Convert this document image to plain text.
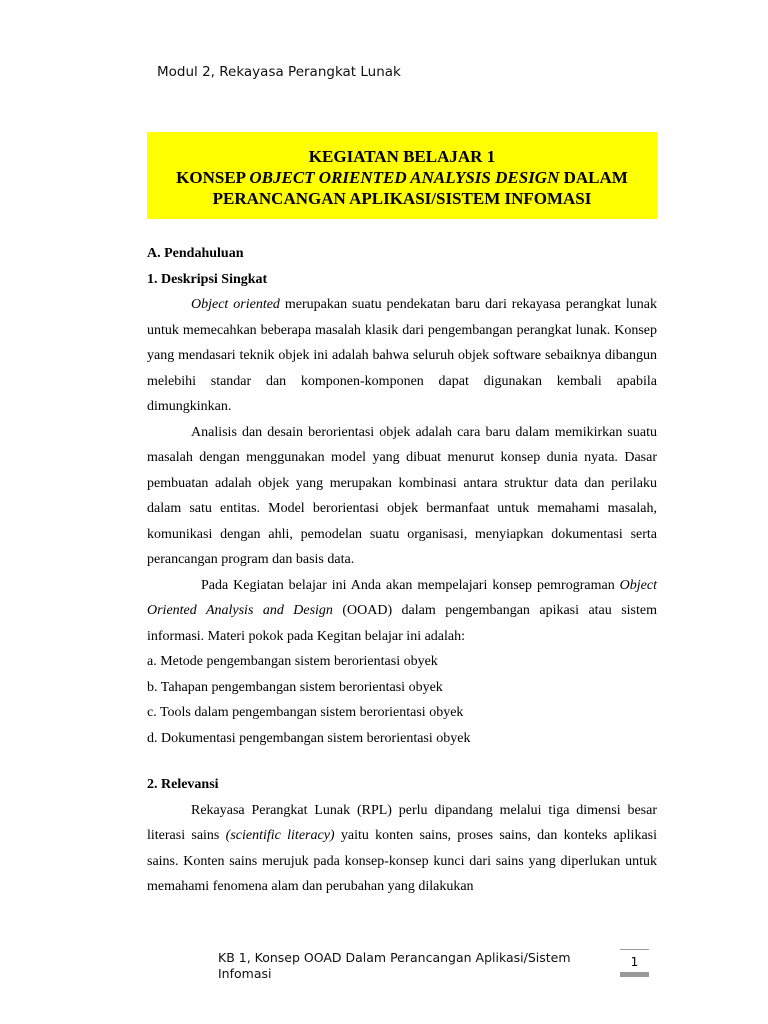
Modul 2, Rekayasa Perangkat Lunak
KEGIATAN BELAJAR 1
KONSEP OBJECT ORIENTED ANALYSIS DESIGN DALAM
PERANCANGAN APLIKASI/SISTEM INFOMASI
A. Pendahuluan
1. Deskripsi Singkat

Object oriented merupakan suatu pendekatan baru dari rekayasa perangkat lunak untuk memecahkan beberapa masalah klasik dari pengembangan perangkat lunak. Konsep yang mendasari teknik objek ini adalah bahwa seluruh objek software sebaiknya dibangun melebihi standar dan komponen-komponen dapat digunakan kembali apabila dimungkinkan.

Analisis dan desain berorientasi objek adalah cara baru dalam memikirkan suatu masalah dengan menggunakan model yang dibuat menurut konsep dunia nyata. Dasar pembuatan adalah objek yang merupakan kombinasi antara struktur data dan perilaku dalam satu entitas. Model berorientasi objek bermanfaat untuk memahami masalah, komunikasi dengan ahli, pemodelan suatu organisasi, menyiapkan dokumentasi serta perancangan program dan basis data.

Pada Kegiatan belajar ini Anda akan mempelajari konsep pemrograman Object Oriented Analysis and Design (OOAD) dalam pengembangan apikasi atau sistem informasi. Materi pokok pada Kegitan belajar ini adalah:

a. Metode pengembangan sistem berorientasi obyek
b. Tahapan pengembangan sistem berorientasi obyek
c. Tools dalam pengembangan sistem berorientasi obyek
d. Dokumentasi pengembangan sistem berorientasi obyek
2. Relevansi

Rekayasa Perangkat Lunak (RPL) perlu dipandang melalui tiga dimensi besar literasi sains (scientific literacy) yaitu konten sains, proses sains, dan konteks aplikasi sains. Konten sains merujuk pada konsep-konsep kunci dari sains yang diperlukan untuk memahami fenomena alam dan perubahan yang dilakukan

KB 1, Konsep OOAD Dalam Perancangan Aplikasi/Sistem Infomasi
1
